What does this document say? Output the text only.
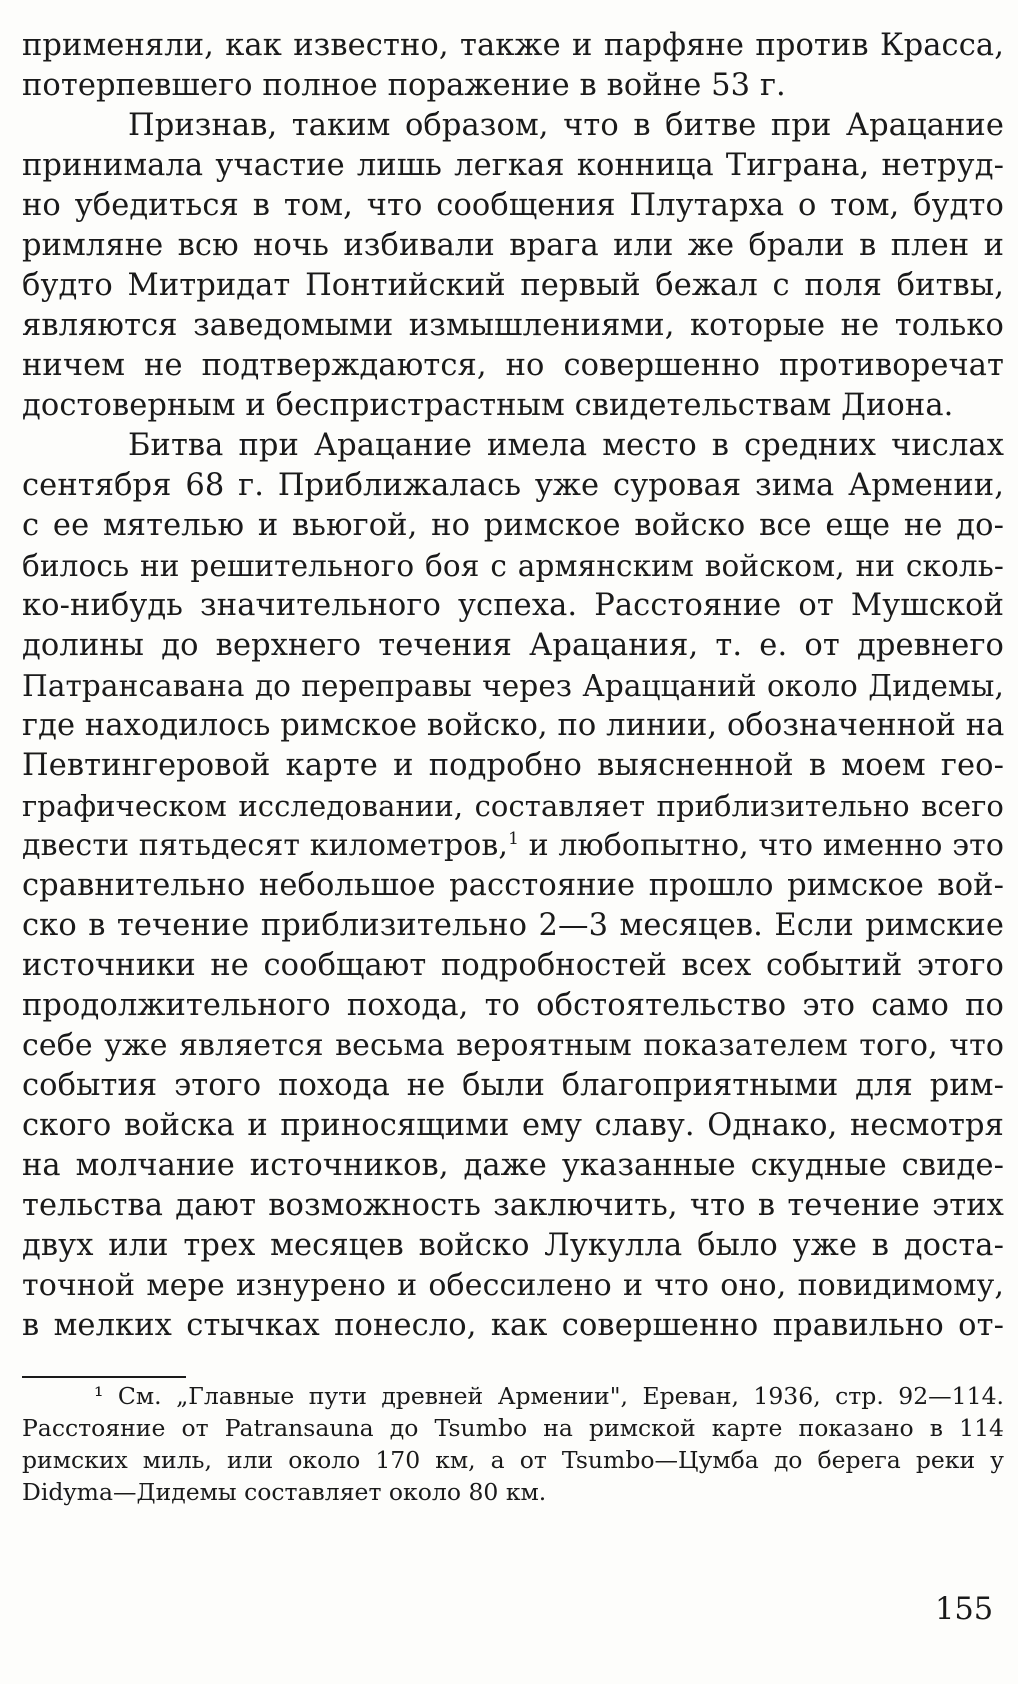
применяли, как известно, также и парфяне против Красса,
потерпевшего полное поражение в войне 53 г.
Признав, таким образом, что в битве при Арацание
принимала участие лишь легкая конница Тиграна, нетруд-
но убедиться в том, что сообщения Плутарха о том, будто
римляне всю ночь избивали врага или же брали в плен и
будто Митридат Понтийский первый бежал с поля битвы,
являются заведомыми измышлениями, которые не только
ничем не подтверждаются, но совершенно противоречат
достоверным и беспристрастным свидетельствам Диона.
Битва при Арацание имела место в средних числах
сентября 68 г. Приближалась уже суровая зима Армении,
с ее мятелью и вьюгой, но римское войско все еще не до-
билось ни решительного боя с армянским войском, ни сколь-
ко-нибудь значительного успеха. Расстояние от Мушской
долины до верхнего течения Арацания, т. е. от древнего
Патрансавана до переправы через Араццаний около Дидемы,
где находилось римское войско, по линии, обозначенной на
Певтингеровой карте и подробно выясненной в моем гео-
графическом исследовании, составляет приблизительно всего
двести пятьдесят километров,$^1$ и любопытно, что именно это
сравнительно небольшое расстояние прошло римское вой-
ско в течение приблизительно 2—3 месяцев. Если римские
источники не сообщают подробностей всех событий этого
продолжительного похода, то обстоятельство это само по
себе уже является весьма вероятным показателем того, что
события этого похода не были благоприятными для рим-
ского войска и приносящими ему славу. Однако, несмотря
на молчание источников, даже указанные скудные свиде-
тельства дают возможность заключить, что в течение этих
двух или трех месяцев войско Лукулла было уже в доста-
точной мере изнурено и обессилено и что оно, повидимому,
в мелких стычках понесло, как совершенно правильно от-
¹ См. „Главные пути древней Армении", Ереван, 1936, стр. 92—114.
Расстояние от Patransauna до Tsumbo на римской карте показано в 114
римских миль, или около 170 км, а от Tsumbo—Цумба до берега реки у
Didyma—Дидемы составляет около 80 км.
155
